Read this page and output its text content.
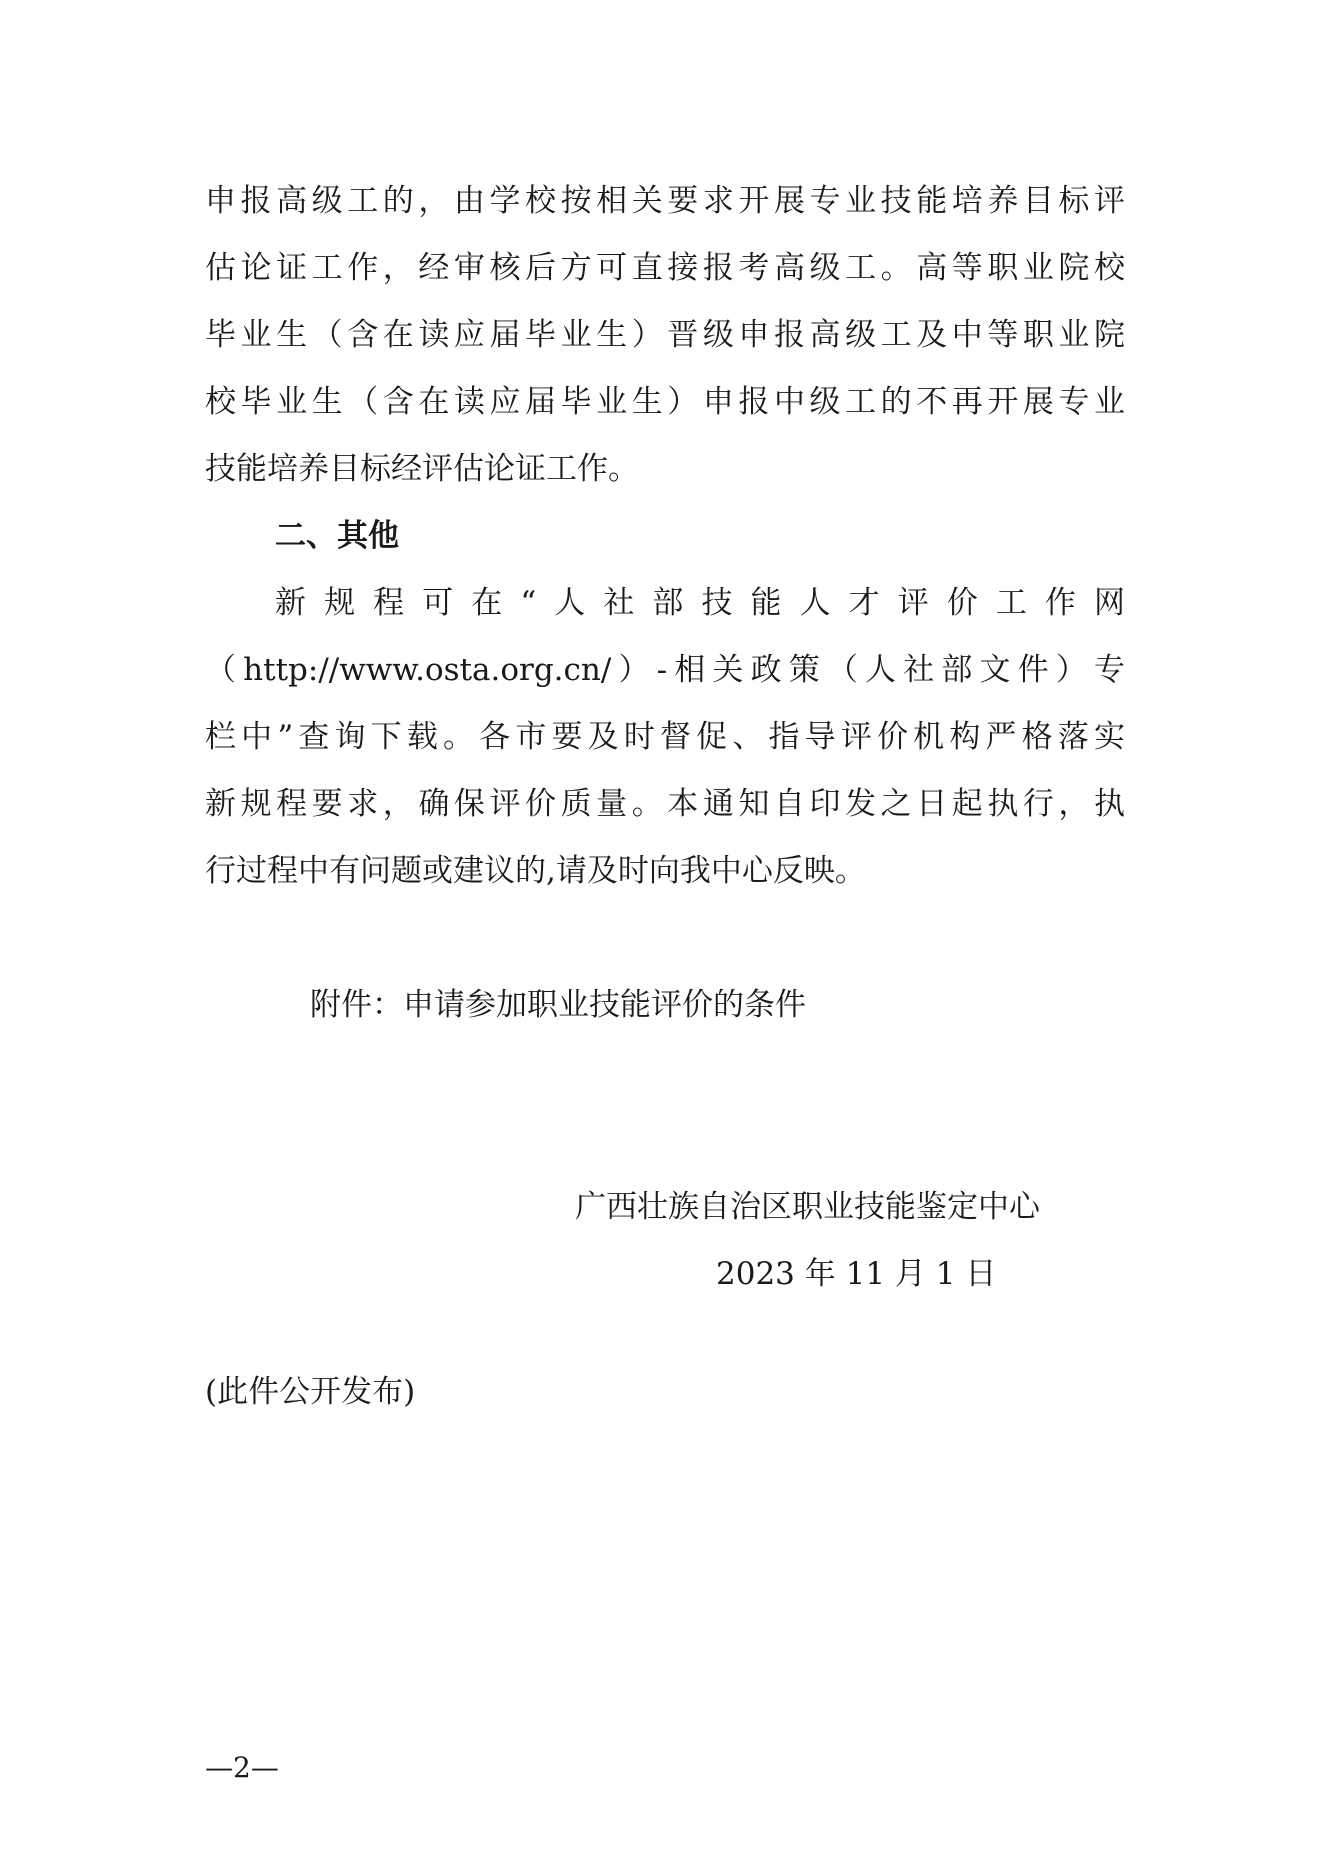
申报高级工的，由学校按相关要求开展专业技能培养目标评
估论证工作，经审核后方可直接报考高级工。高等职业院校
毕业生（含在读应届毕业生）晋级申报高级工及中等职业院
校毕业生（含在读应届毕业生）申报中级工的不再开展专业
技能培养目标经评估论证工作。
二、其他
新规程可在“人社部技能人才评价工作网
（http://www.osta.org.cn/）-相关政策（人社部文件）专
栏中”查询下载。各市要及时督促、指导评价机构严格落实
新规程要求，确保评价质量。本通知自印发之日起执行，执
行过程中有问题或建议的,请及时向我中心反映。
附件：申请参加职业技能评价的条件
广西壮族自治区职业技能鉴定中心
2023 年 11 月 1 日
(此件公开发布)
—2—
